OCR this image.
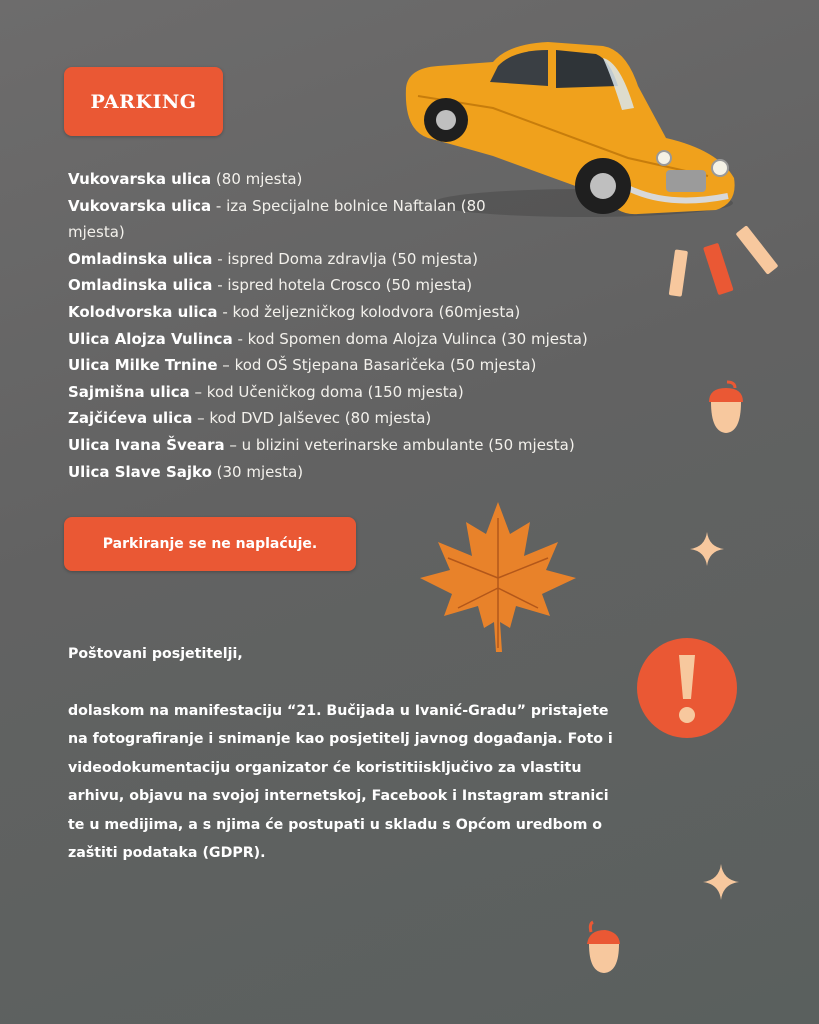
PARKING
Vukovarska ulica (80 mjesta)
Vukovarska ulica - iza Specijalne bolnice Naftalan (80 mjesta)
Omladinska ulica - ispred Doma zdravlja (50 mjesta)
Omladinska ulica - ispred hotela Crosco (50 mjesta)
Kolodvorska ulica - kod željezničkog kolodvora (60mjesta)
Ulica Alojza Vulinca - kod Spomen doma Alojza Vulinca (30 mjesta)
Ulica Milke Trnine – kod OŠ Stjepana Basaričeka (50 mjesta)
Sajmišna ulica – kod Učeničkog doma (150 mjesta)
Zajčićeva ulica – kod DVD Jalševec (80 mjesta)
Ulica Ivana Šveara – u blizini veterinarske ambulante (50 mjesta)
Ulica Slave Sajko (30 mjesta)
Parkiranje se ne naplaćuje.
Poštovani posjetitelji,
dolaskom na manifestaciju “21. Bučijada u Ivanić-Gradu” pristajete na fotografiranje i snimanje kao posjetitelj javnog događanja. Foto i videodokumentaciju organizator će koristitiisključivo za vlastitu arhivu, objavu na svojoj internetskoj, Facebook i Instagram stranici te u medijima, a s njima će postupati u skladu s Općom uredbom o zaštiti podataka (GDPR).
